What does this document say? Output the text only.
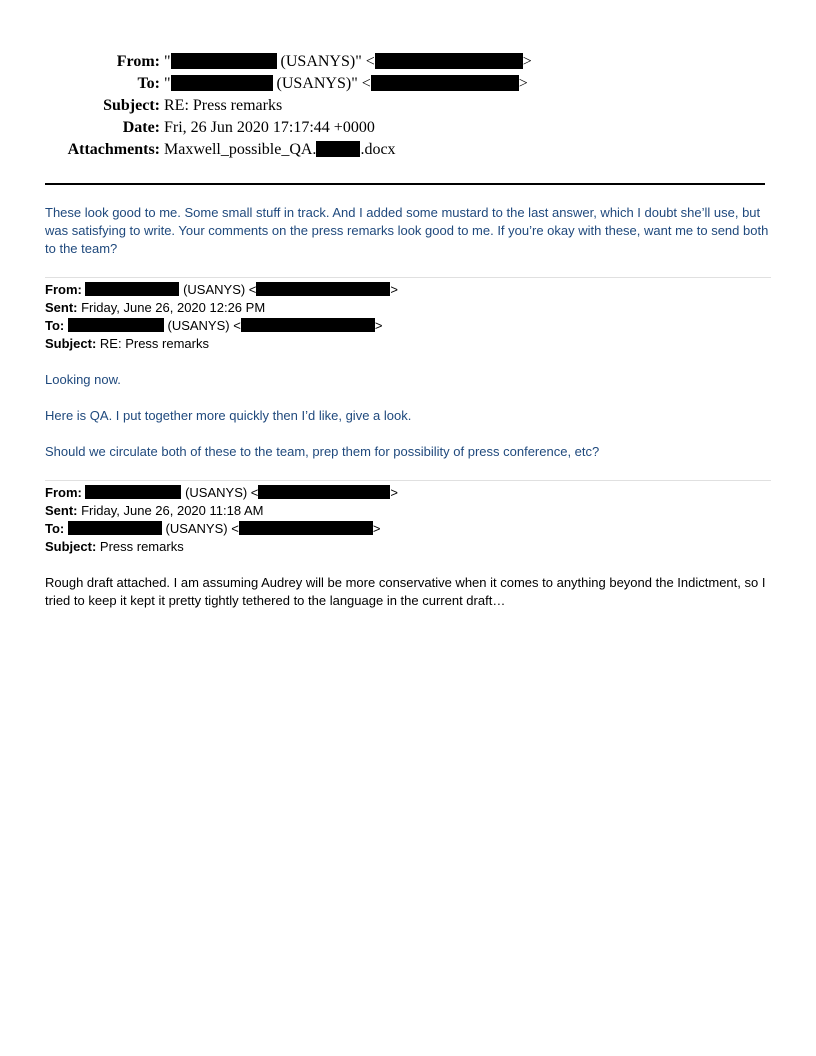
From: "	(USANYS)" <	>
To: "	(USANYS)" <	>
Subject: RE: Press remarks
Date: Fri, 26 Jun 2020 17:17:44 +0000
Attachments: Maxwell_possible_QA.	.docx
These look good to me. Some small stuff in track. And I added some mustard to the last answer, which I doubt she’ll use, but was satisfying to write. Your comments on the press remarks look good to me. If you’re okay with these, want me to send both to the team?
From:	(USANYS) <	>
Sent: Friday, June 26, 2020 12:26 PM
To:	(USANYS) <	>
Subject: RE: Press remarks
Looking now.
Here is QA. I put together more quickly then I’d like, give a look.
Should we circulate both of these to the team, prep them for possibility of press conference, etc?
From:	(USANYS) <	>
Sent: Friday, June 26, 2020 11:18 AM
To:	(USANYS) <	>
Subject: Press remarks
Rough draft attached. I am assuming Audrey will be more conservative when it comes to anything beyond the Indictment, so I tried to keep it kept it pretty tightly tethered to the language in the current draft…
